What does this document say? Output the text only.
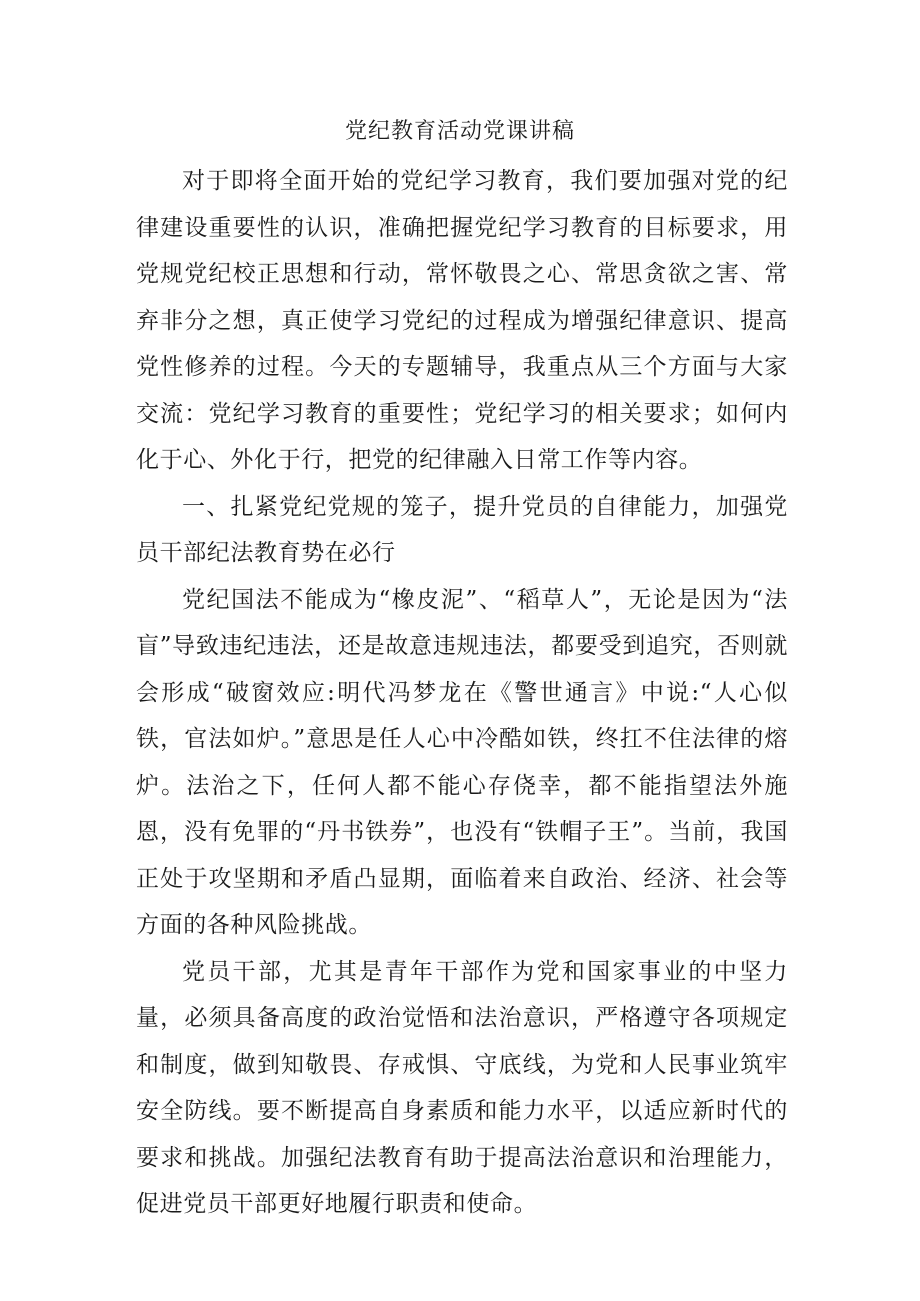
党纪教育活动党课讲稿

对于即将全面开始的党纪学习教育，我们要加强对党的纪律建设重要性的认识，准确把握党纪学习教育的目标要求，用党规党纪校正思想和行动，常怀敬畏之心、常思贪欲之害、常弃非分之想，真正使学习党纪的过程成为增强纪律意识、提高党性修养的过程。今天的专题辅导，我重点从三个方面与大家交流：党纪学习教育的重要性；党纪学习的相关要求；如何内化于心、外化于行，把党的纪律融入日常工作等内容。

一、扎紧党纪党规的笼子，提升党员的自律能力，加强党员干部纪法教育势在必行

党纪国法不能成为“橡皮泥”、“稻草人”，无论是因为“法盲”导致违纪违法，还是故意违规违法，都要受到追究，否则就会形成“破窗效应:明代冯梦龙在《警世通言》中说:“人心似铁，官法如炉。”意思是任人心中冷酷如铁，终扛不住法律的熔炉。法治之下，任何人都不能心存侥幸，都不能指望法外施恩，没有免罪的“丹书铁券”，也没有“铁帽子王”。当前，我国正处于攻坚期和矛盾凸显期，面临着来自政治、经济、社会等方面的各种风险挑战。

党员干部，尤其是青年干部作为党和国家事业的中坚力量，必须具备高度的政治觉悟和法治意识，严格遵守各项规定和制度，做到知敬畏、存戒惧、守底线，为党和人民事业筑牢安全防线。要不断提高自身素质和能力水平，以适应新时代的要求和挑战。加强纪法教育有助于提高法治意识和治理能力，促进党员干部更好地履行职责和使命。
